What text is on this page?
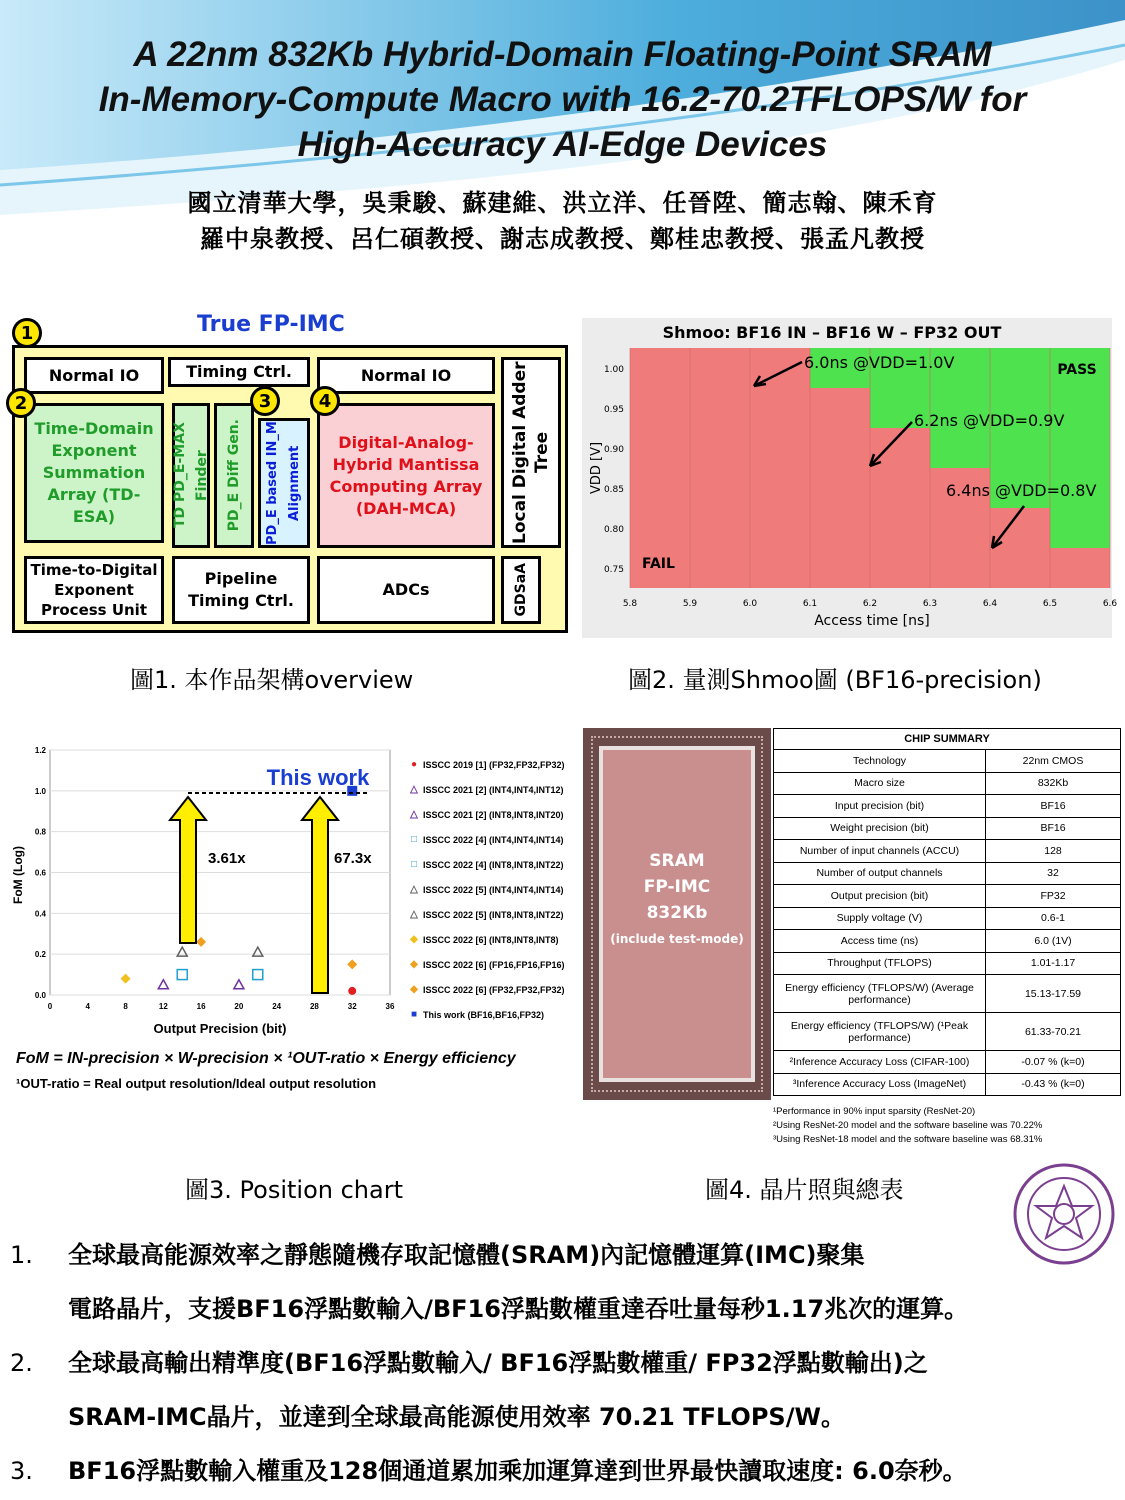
A 22nm 832Kb Hybrid-Domain Floating-Point SRAM
In-Memory-Compute Macro with 16.2-70.2TFLOPS/W for
High-Accuracy AI-Edge Devices
國立清華大學，吳秉駿、蘇建維、洪立洋、任晉陞、簡志翰、陳禾育
羅中泉教授、呂仁碩教授、謝志成教授、鄭桂忠教授、張孟凡教授
True FP-IMC
Normal IO	Timing Ctrl.	Normal IO
Time-Domain Exponent Summation Array (TD-ESA)	TD PD_E-MAX Finder PD_E Diff Gen. PD_E based IN_M Alignment
Digital-Analog-Hybrid Mantissa Computing Array (DAH-MCA)	Local Digital Adder Tree
Time-to-Digital Exponent Process Unit
Pipeline Timing Ctrl.
ADCs	GDSaA
1
2	3	4
圖1. 本作品架構overview
Shmoo: BF16 IN – BF16 W – FP32 OUT
1.00
0.95
0.90
0.85
0.80
0.75
5.8	5.9	6.0	6.1	6.2	6.3	6.4	6.5	6.6
VDD [V]
Access time [ns]
PASS
FAIL
6.0ns @VDD=1.0V
6.2ns @VDD=0.9V
6.4ns @VDD=0.8V
圖2. 量測Shmoo圖 (BF16-precision)
0.0
0.2
0.4
0.6
0.8
1.0
1.2
0	4	8	12	16	20	24	28	32	36
FoM (Log)
Output Precision (bit)
This work
3.61x	67.3x
● ISSCC 2019 [1] (FP32,FP32,FP32)
△ ISSCC 2021 [2] (INT4,INT4,INT12)
△ ISSCC 2021 [2] (INT8,INT8,INT20)
□ ISSCC 2022 [4] (INT4,INT4,INT14)
□ ISSCC 2022 [4] (INT8,INT8,INT22)
△ ISSCC 2022 [5] (INT4,INT4,INT14)
△ ISSCC 2022 [5] (INT8,INT8,INT22)
◆ ISSCC 2022 [6] (INT8,INT8,INT8)
◆ ISSCC 2022 [6] (FP16,FP16,FP16)
◆ ISSCC 2022 [6] (FP32,FP32,FP32)
■ This work (BF16,BF16,FP32)
FoM = IN-precision × W-precision × ¹OUT-ratio × Energy efficiency
¹OUT-ratio = Real output resolution/Ideal output resolution
圖3. Position chart
SRAM
FP-IMC
832Kb
(include test-mode)
CHIP SUMMARY	
Technology	22nm CMOS
Macro size	832Kb
Input precision (bit)	BF16
Weight precision (bit)	BF16
Number of input channels (ACCU)	128
Number of output channels	32
Output precision (bit)	FP32
Supply voltage (V)	0.6-1
Access time (ns)	6.0 (1V)
Throughput (TFLOPS)	1.01-1.17
Energy efficiency (TFLOPS/W) (Average performance)	15.13-17.59
Energy efficiency (TFLOPS/W) (¹Peak performance)	61.33-70.21
²Inference Accuracy Loss (CIFAR-100)	-0.07 % (k=0)
³Inference Accuracy Loss (ImageNet)	-0.43 % (k=0)
¹Performance in 90% input sparsity (ResNet-20)
²Using ResNet-20 model and the software baseline was 70.22%
³Using ResNet-18 model and the software baseline was 68.31%
圖4. 晶片照與總表
1.	全球最高能源效率之靜態隨機存取記憶體(SRAM)內記憶體運算(IMC)聚集
電路晶片，支援BF16浮點數輸入/BF16浮點數權重達吞吐量每秒1.17兆次的運算。
2.	全球最高輸出精準度(BF16浮點數輸入/ BF16浮點數權重/ FP32浮點數輸出)之
SRAM-IMC晶片，並達到全球最高能源使用效率 70.21 TFLOPS/W。
3.	BF16浮點數輸入權重及128個通道累加乘加運算達到世界最快讀取速度: 6.0奈秒。
